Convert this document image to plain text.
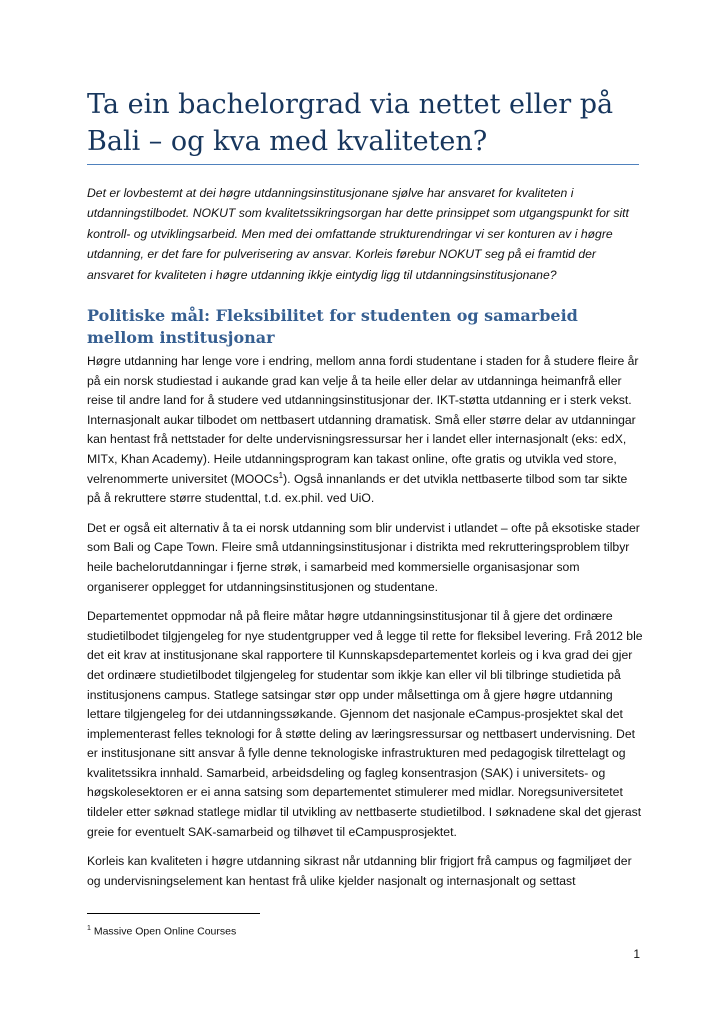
Ta ein bachelorgrad via nettet eller på Bali – og kva med kvaliteten?

Det er lovbestemt at dei høgre utdanningsinstitusjonane sjølve har ansvaret for kvaliteten i utdanningstilbodet. NOKUT som kvalitetssikringsorgan har dette prinsippet som utgangspunkt for sitt kontroll- og utviklingsarbeid. Men med dei omfattande strukturendringar vi ser konturen av i høgre utdanning, er det fare for pulverisering av ansvar. Korleis førebur NOKUT seg på ei framtid der ansvaret for kvaliteten i høgre utdanning ikkje eintydig ligg til utdanningsinstitusjonane?

Politiske mål: Fleksibilitet for studenten og samarbeid mellom institusjonar

Høgre utdanning har lenge vore i endring, mellom anna fordi studentane i staden for å studere fleire år på ein norsk studiestad i aukande grad kan velje å ta heile eller delar av utdanninga heimanfrå eller reise til andre land for å studere ved utdanningsinstitusjonar der. IKT-støtta utdanning er i sterk vekst. Internasjonalt aukar tilbodet om nettbasert utdanning dramatisk. Små eller større delar av utdanningar kan hentast frå nettstader for delte undervisningsressursar her i landet eller internasjonalt (eks: edX, MITx, Khan Academy). Heile utdanningsprogram kan takast online, ofte gratis og utvikla ved store, velrenommerte universitet (MOOCs$^1$). Også innanlands er det utvikla nettbaserte tilbod som tar sikte på å rekruttere større studenttal, t.d. ex.phil. ved UiO.

Det er også eit alternativ å ta ei norsk utdanning som blir undervist i utlandet – ofte på eksotiske stader som Bali og Cape Town. Fleire små utdanningsinstitusjonar i distrikta med rekrutteringsproblem tilbyr heile bachelorutdanningar i fjerne strøk, i samarbeid med kommersielle organisasjonar som organiserer opplegget for utdanningsinstitusjonen og studentane.

Departementet oppmodar nå på fleire måtar høgre utdanningsinstitusjonar til å gjere det ordinære studietilbodet tilgjengeleg for nye studentgrupper ved å legge til rette for fleksibel levering. Frå 2012 ble det eit krav at institusjonane skal rapportere til Kunnskapsdepartementet korleis og i kva grad dei gjer det ordinære studietilbodet tilgjengeleg for studentar som ikkje kan eller vil bli tilbringe studietida på institusjonens campus. Statlege satsingar stør opp under målsettinga om å gjere høgre utdanning lettare tilgjengeleg for dei utdanningssøkande. Gjennom det nasjonale eCampus-prosjektet skal det implementerast felles teknologi for å støtte deling av læringsressursar og nettbasert undervisning. Det er institusjonane sitt ansvar å fylle denne teknologiske infrastrukturen med pedagogisk tilrettelagt og kvalitetssikra innhald. Samarbeid, arbeidsdeling og fagleg konsentrasjon (SAK) i universitets- og høgskolesektoren er ei anna satsing som departementet stimulerer med midlar. Noregsuniversitetet tildeler etter søknad statlege midlar til utvikling av nettbaserte studietilbod. I søknadene skal det gjerast greie for eventuelt SAK-samarbeid og tilhøvet til eCampusprosjektet.

Korleis kan kvaliteten i høgre utdanning sikrast når utdanning blir frigjort frå campus og fagmiljøet der og undervisningselement kan hentast frå ulike kjelder nasjonalt og internasjonalt og settast

$^1$ Massive Open Online Courses

1
